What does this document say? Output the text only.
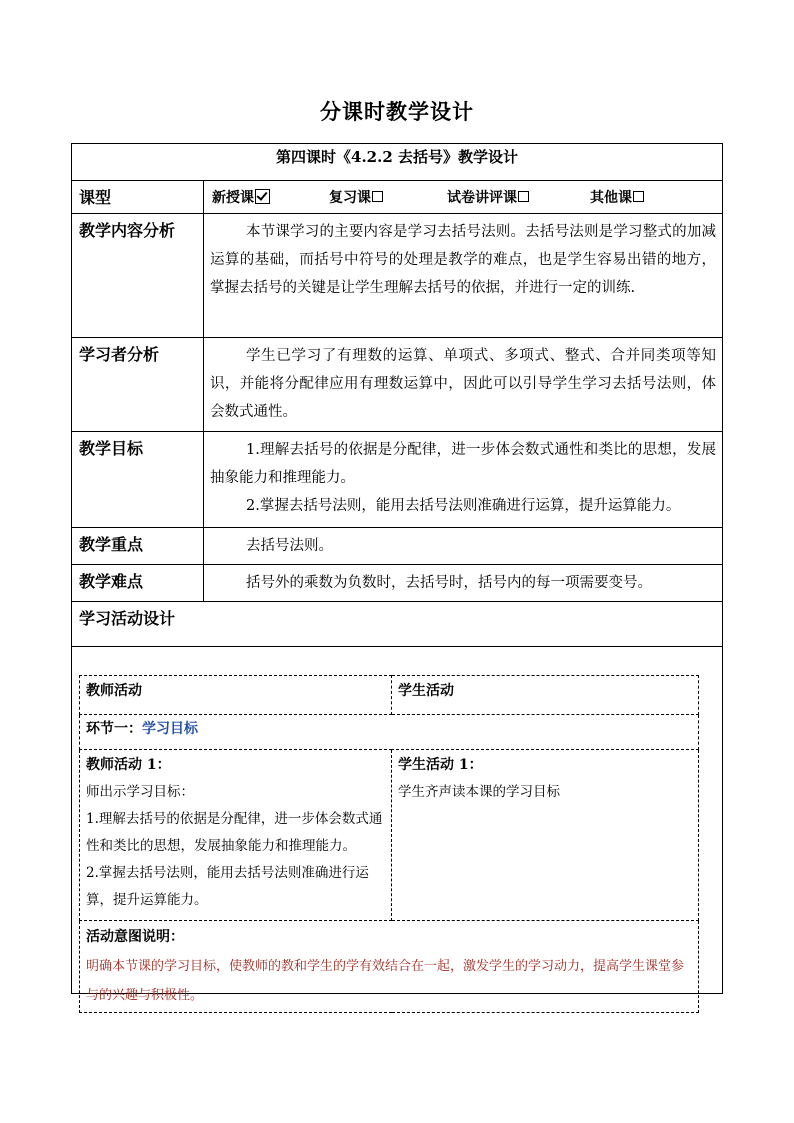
分课时教学设计
第四课时《4.2.2 去括号》教学设计
课型	新授课	复习课	试卷讲评课	其他课

教学内容分析	本节课学习的主要内容是学习去括号法则。去括号法则是学习整式的加减运算的基础，而括号中符号的处理是教学的难点，也是学生容易出错的地方，掌握去括号的关键是让学生理解去括号的依据，并进行一定的训练.

学习者分析	学生已学习了有理数的运算、单项式、多项式、整式、合并同类项等知识，并能将分配律应用有理数运算中，因此可以引导学生学习去括号法则，体会数式通性。

教学目标	1.理解去括号的依据是分配律，进一步体会数式通性和类比的思想，发展抽象能力和推理能力。

2.掌握去括号法则，能用去括号法则准确进行运算，提升运算能力。

教学重点	去括号法则。

教学难点	括号外的乘数为负数时，去括号时，括号内的每一项需要变号。

学习活动设计

教师活动	学生活动
环节一：学习目标

教师活动 1：
师出示学习目标：
1.理解去括号的依据是分配律，进一步体会数式通性和类比的思想，发展抽象能力和推理能力。
2.掌握去括号法则，能用去括号法则准确进行运算，提升运算能力。

学生活动 1：
学生齐声读本课的学习目标

活动意图说明：
明确本节课的学习目标，使教师的教和学生的学有效结合在一起，激发学生的学习动力，提高学生课堂参与的兴趣与积极性。
